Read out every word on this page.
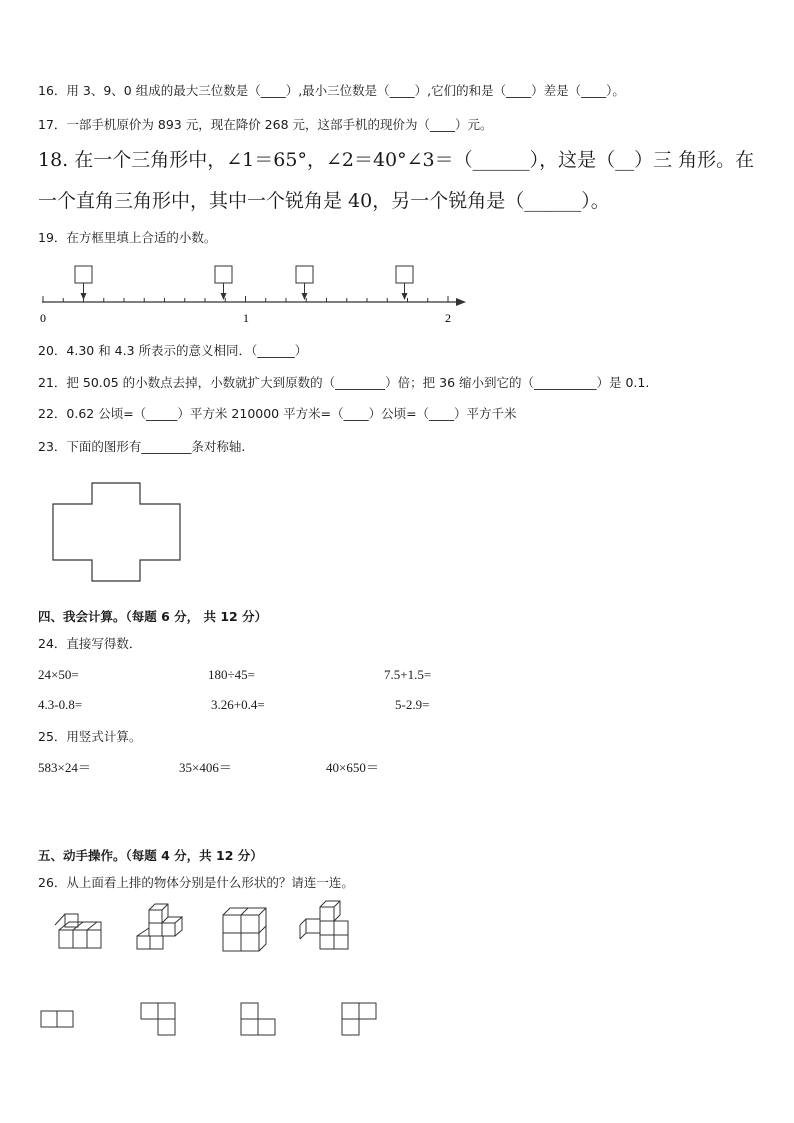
16．用 3、9、0 组成的最大三位数是（____）,最小三位数是（____）,它们的和是（____）差是（____）。
17．一部手机原价为 893 元，现在降价 268 元，这部手机的现价为（____）元。
18. 在一个三角形中，∠1＝65°，∠2＝40°∠3＝（______），这是（__）三 角形。在
一个直角三角形中，其中一个锐角是 40，另一个锐角是（______）。
19．在方框里填上合适的小数。
0	1	2
20．4.30 和 4.3 所表示的意义相同．（______）
21．把 50.05 的小数点去掉，小数就扩大到原数的（________）倍；把 36 缩小到它的（__________）是 0.1.
22．0.62 公顷=（_____）平方米 210000 平方米=（____）公顷=（____）平方千米
23．下面的图形有________条对称轴.
四、我会计算。（每题 6 分， 共 12 分）
24．直接写得数．
24×50=	180÷45=	7.5+1.5=
4.3-0.8=	3.26+0.4=	5-2.9=
25．用竖式计算。
583×24＝	35×406＝	40×650＝
五、动手操作。（每题 4 分，共 12 分）
26．从上面看上排的物体分别是什么形状的？请连一连。
